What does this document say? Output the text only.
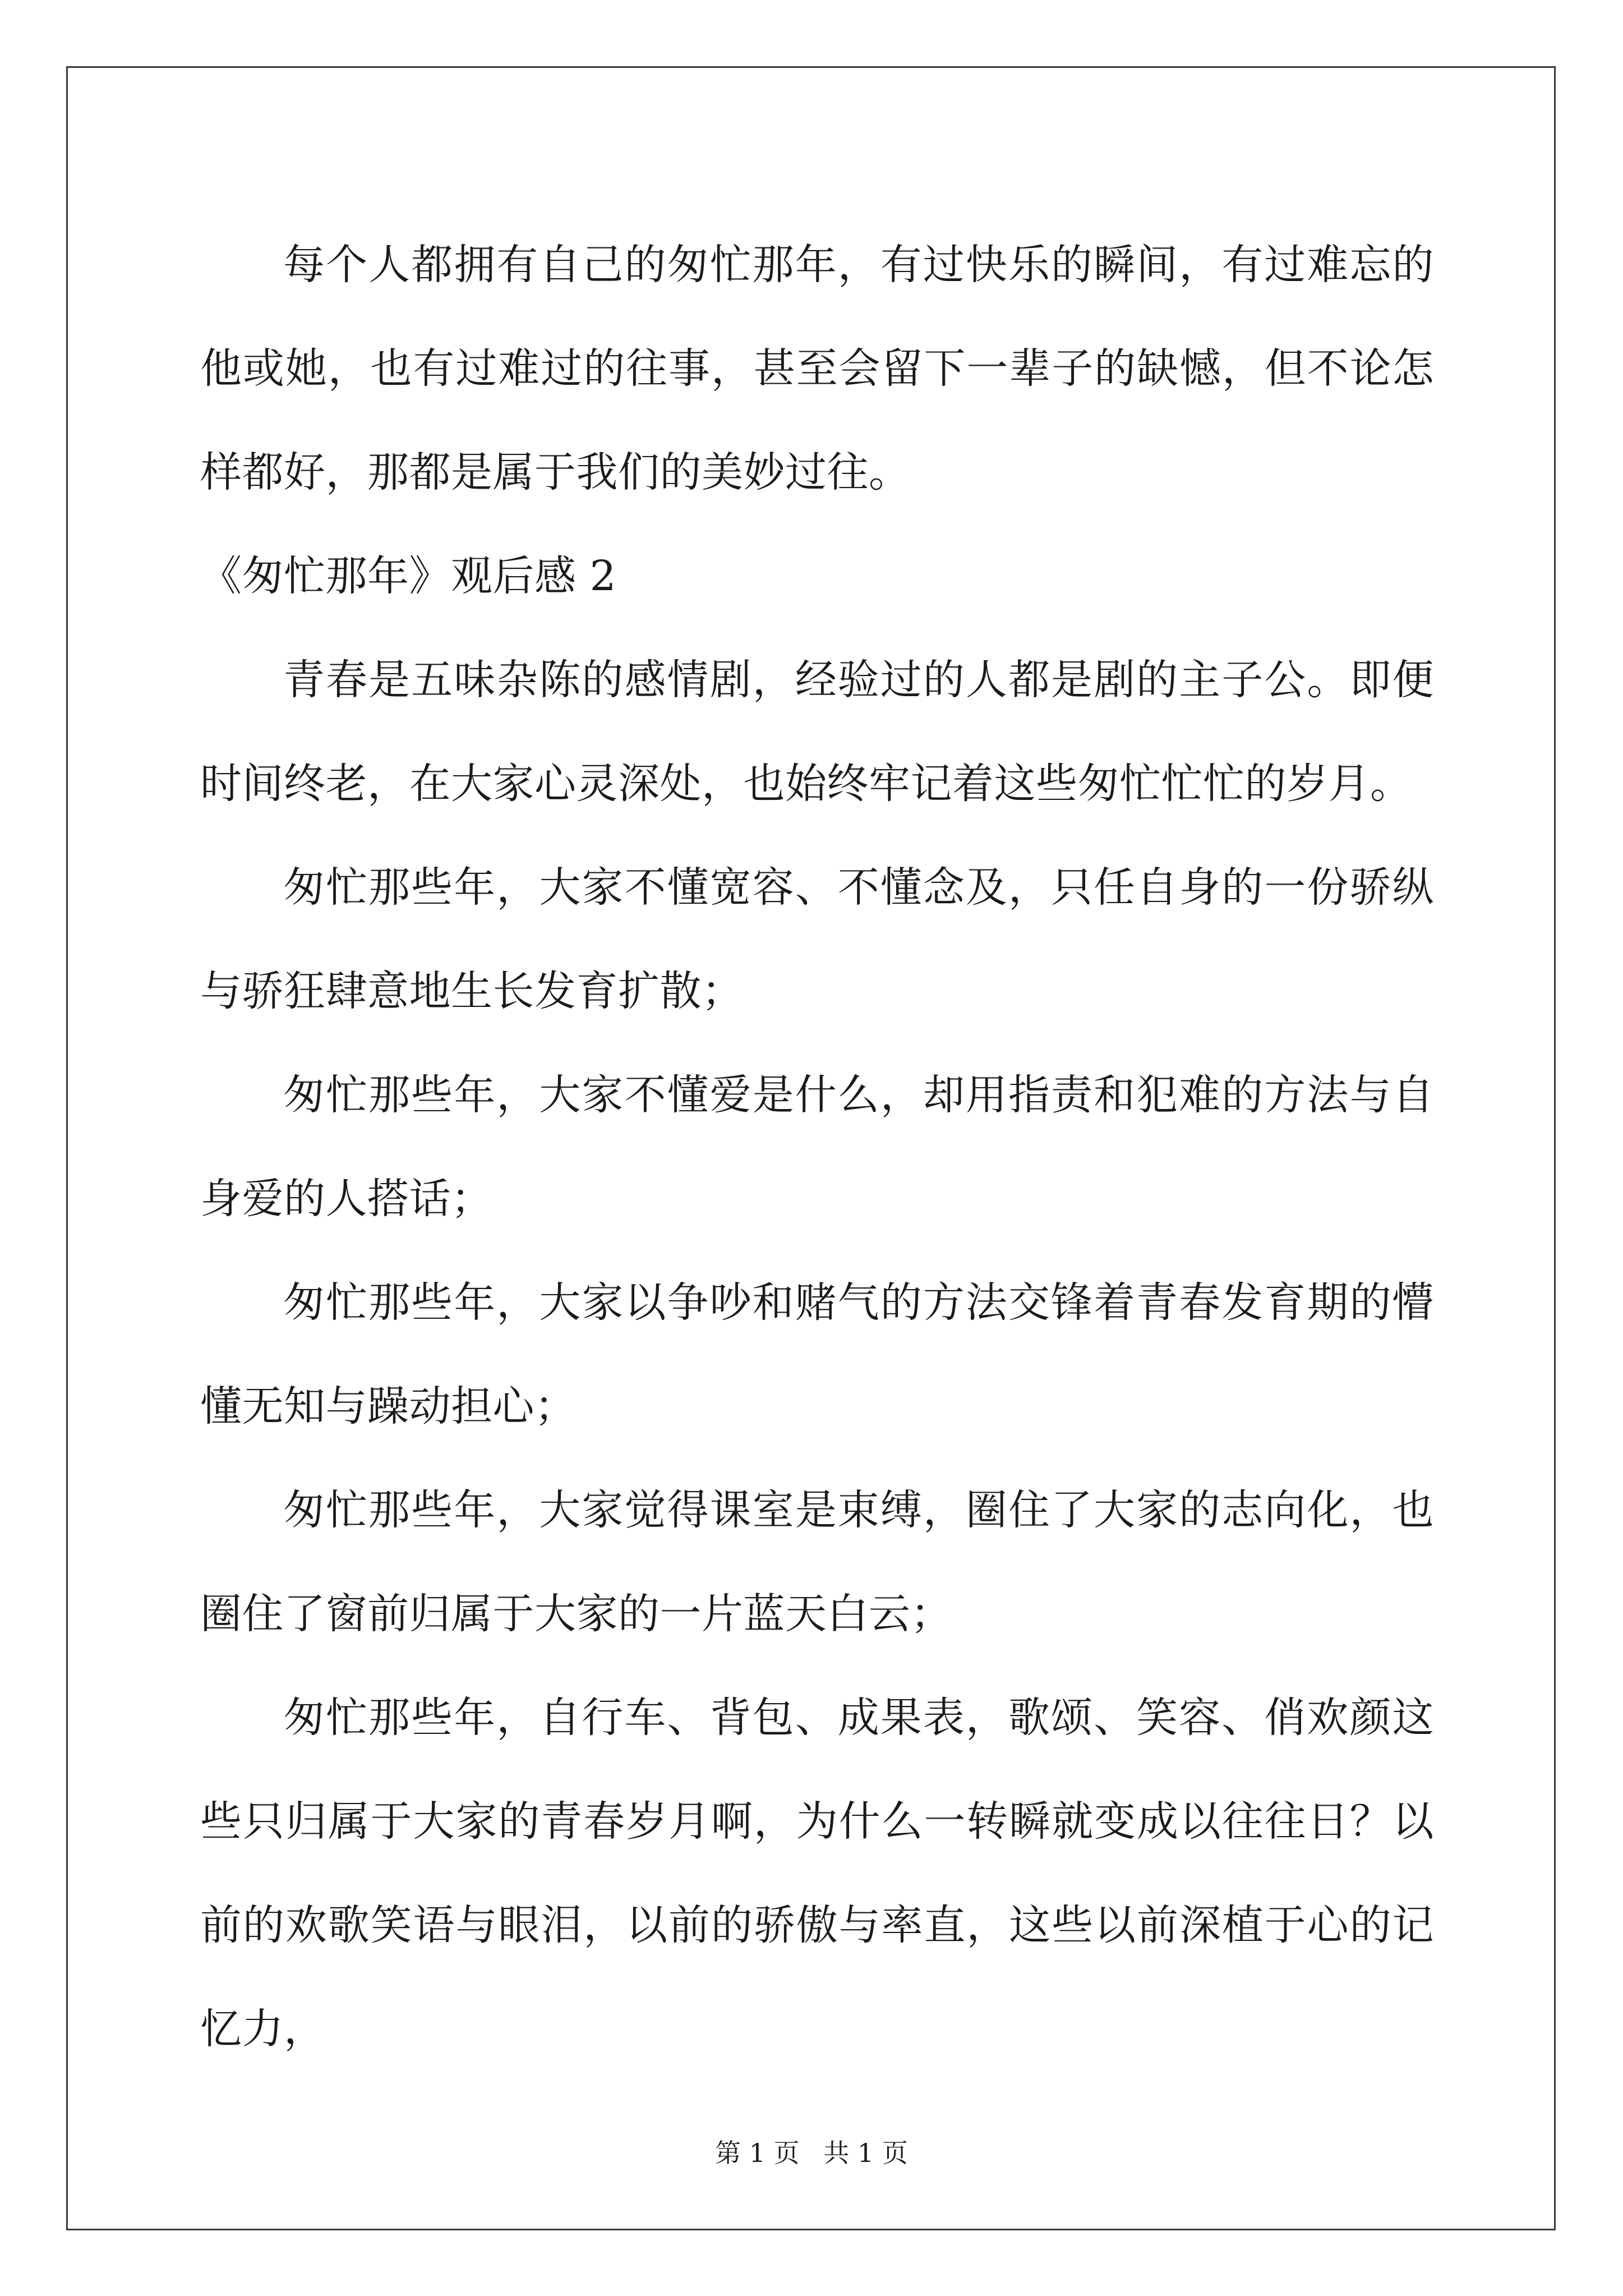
每个人都拥有自己的匆忙那年，有过快乐的瞬间，有过难忘的他或她，也有过难过的往事，甚至会留下一辈子的缺憾，但不论怎样都好，那都是属于我们的美妙过往。

《匆忙那年》观后感 2

青春是五味杂陈的感情剧，经验过的人都是剧的主子公。即便时间终老，在大家心灵深处，也始终牢记着这些匆忙忙忙的岁月。

匆忙那些年，大家不懂宽容、不懂念及，只任自身的一份骄纵与骄狂肆意地生长发育扩散；

匆忙那些年，大家不懂爱是什么，却用指责和犯难的方法与自身爱的人搭话；

匆忙那些年，大家以争吵和赌气的方法交锋着青春发育期的懵懂无知与躁动担心；

匆忙那些年，大家觉得课室是束缚，圈住了大家的志向化，也圈住了窗前归属于大家的一片蓝天白云；

匆忙那些年，自行车、背包、成果表，歌颂、笑容、俏欢颜这些只归属于大家的青春岁月啊，为什么一转瞬就变成以往往日？以前的欢歌笑语与眼泪，以前的骄傲与率直，这些以前深植于心的记忆力，

第 1 页 共 1 页
